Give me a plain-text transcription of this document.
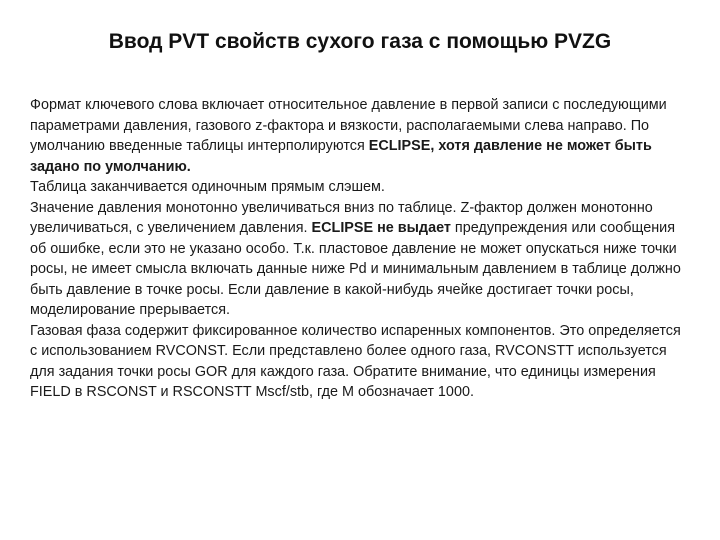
Ввод PVT свойств сухого газа с помощью PVZG

Формат ключевого слова включает относительное давление в первой записи с последующими параметрами давления, газового z-фактора и вязкости, располагаемыми слева направо. По умолчанию введенные таблицы интерполируются ECLIPSE, хотя давление не может быть задано по умолчанию.

Таблица заканчивается одиночным прямым слэшем.

Значение давления монотонно увеличиваться вниз по таблице. Z-фактор должен монотонно увеличиваться, с увеличением давления. ECLIPSE не выдает предупреждения или сообщения об ошибке, если это не указано особо. Т.к. пластовое давление не может опускаться ниже точки росы, не имеет смысла включать данные ниже Pd и минимальным давлением в таблице должно быть давление в точке росы. Если давление в какой-нибудь ячейке достигает точки росы, моделирование прерывается.

Газовая фаза содержит фиксированное количество испаренных компонентов. Это определяется с использованием RVCONST. Если представлено более одного газа, RVCONSTT используется для задания точки росы GOR для каждого газа. Обратите внимание, что единицы измерения FIELD в RSCONST и RSCONSTT Mscf/stb, где M обозначает 1000.
